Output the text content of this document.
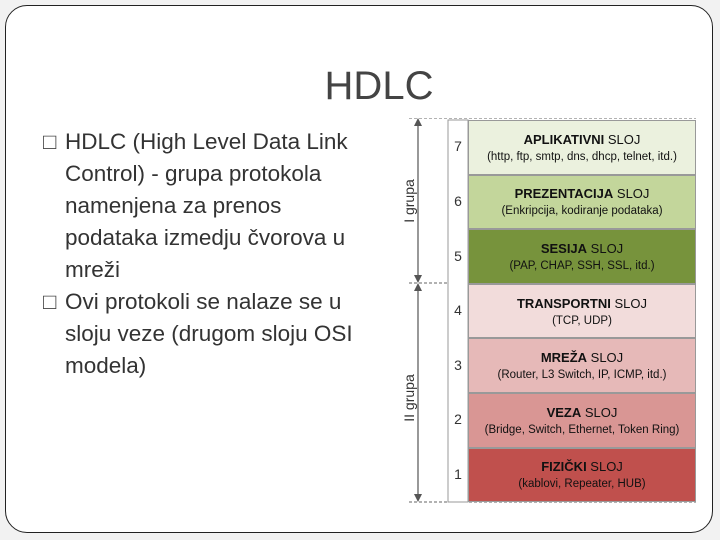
HDLC

□ HDLC (High Level Data Link Control) - grupa protokola namenjena za prenos podataka izmedju čvorova u mreži

□ Ovi protokoli se nalaze se u sloju veze (drugom sloju OSI modela)

I grupa
II grupa
7	APLIKATIVNI SLOJ
(http, ftp, smtp, dns, dhcp, telnet, itd.)
6	PREZENTACIJA SLOJ
(Enkripcija, kodiranje podataka)
5	SESIJA SLOJ
(PAP, CHAP, SSH, SSL, itd.)
4	TRANSPORTNI SLOJ
(TCP, UDP)
3	MREŽA SLOJ
(Router, L3 Switch, IP, ICMP, itd.)
2	VEZA SLOJ
(Bridge, Switch, Ethernet, Token Ring)
1	FIZIČKI SLOJ
(kablovi, Repeater, HUB)
